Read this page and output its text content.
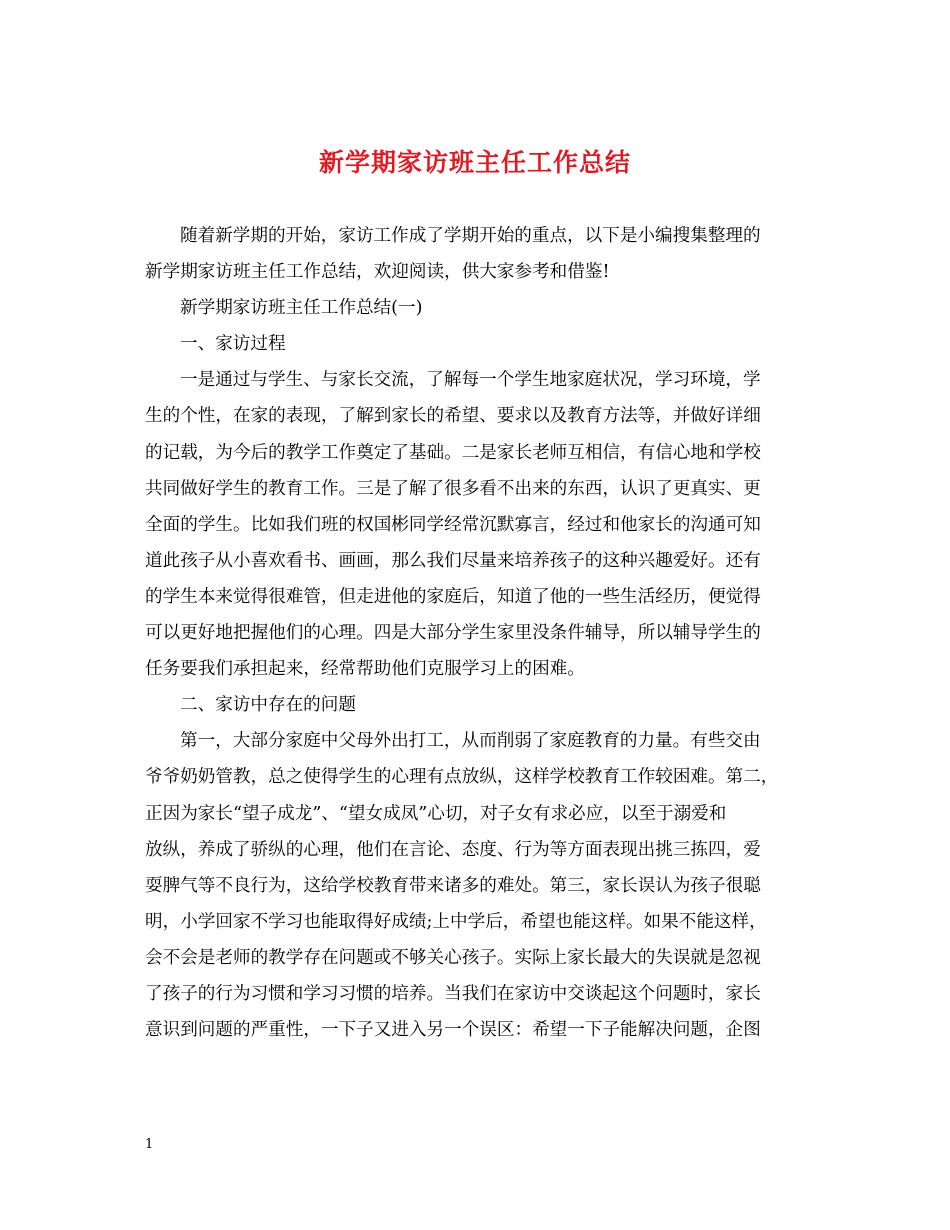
新学期家访班主任工作总结
随着新学期的开始，家访工作成了学期开始的重点，以下是小编搜集整理的
新学期家访班主任工作总结，欢迎阅读，供大家参考和借鉴!
新学期家访班主任工作总结(一)
一、家访过程
一是通过与学生、与家长交流，了解每一个学生地家庭状况，学习环境，学
生的个性，在家的表现，了解到家长的希望、要求以及教育方法等，并做好详细
的记载，为今后的教学工作奠定了基础。二是家长老师互相信，有信心地和学校
共同做好学生的教育工作。三是了解了很多看不出来的东西，认识了更真实、更
全面的学生。比如我们班的权国彬同学经常沉默寡言，经过和他家长的沟通可知
道此孩子从小喜欢看书、画画，那么我们尽量来培养孩子的这种兴趣爱好。还有
的学生本来觉得很难管，但走进他的家庭后，知道了他的一些生活经历，便觉得
可以更好地把握他们的心理。四是大部分学生家里没条件辅导，所以辅导学生的
任务要我们承担起来，经常帮助他们克服学习上的困难。
二、家访中存在的问题
第一，大部分家庭中父母外出打工，从而削弱了家庭教育的力量。有些交由
爷爷奶奶管教，总之使得学生的心理有点放纵，这样学校教育工作较困难。第二，
正因为家长“望子成龙”、“望女成凤”心切，对子女有求必应，以至于溺爱和
放纵，养成了骄纵的心理，他们在言论、态度、行为等方面表现出挑三拣四，爱
耍脾气等不良行为，这给学校教育带来诸多的难处。第三，家长误认为孩子很聪
明，小学回家不学习也能取得好成绩;上中学后，希望也能这样。如果不能这样，
会不会是老师的教学存在问题或不够关心孩子。实际上家长最大的失误就是忽视
了孩子的行为习惯和学习习惯的培养。当我们在家访中交谈起这个问题时，家长
意识到问题的严重性，一下子又进入另一个误区：希望一下子能解决问题，企图
1
